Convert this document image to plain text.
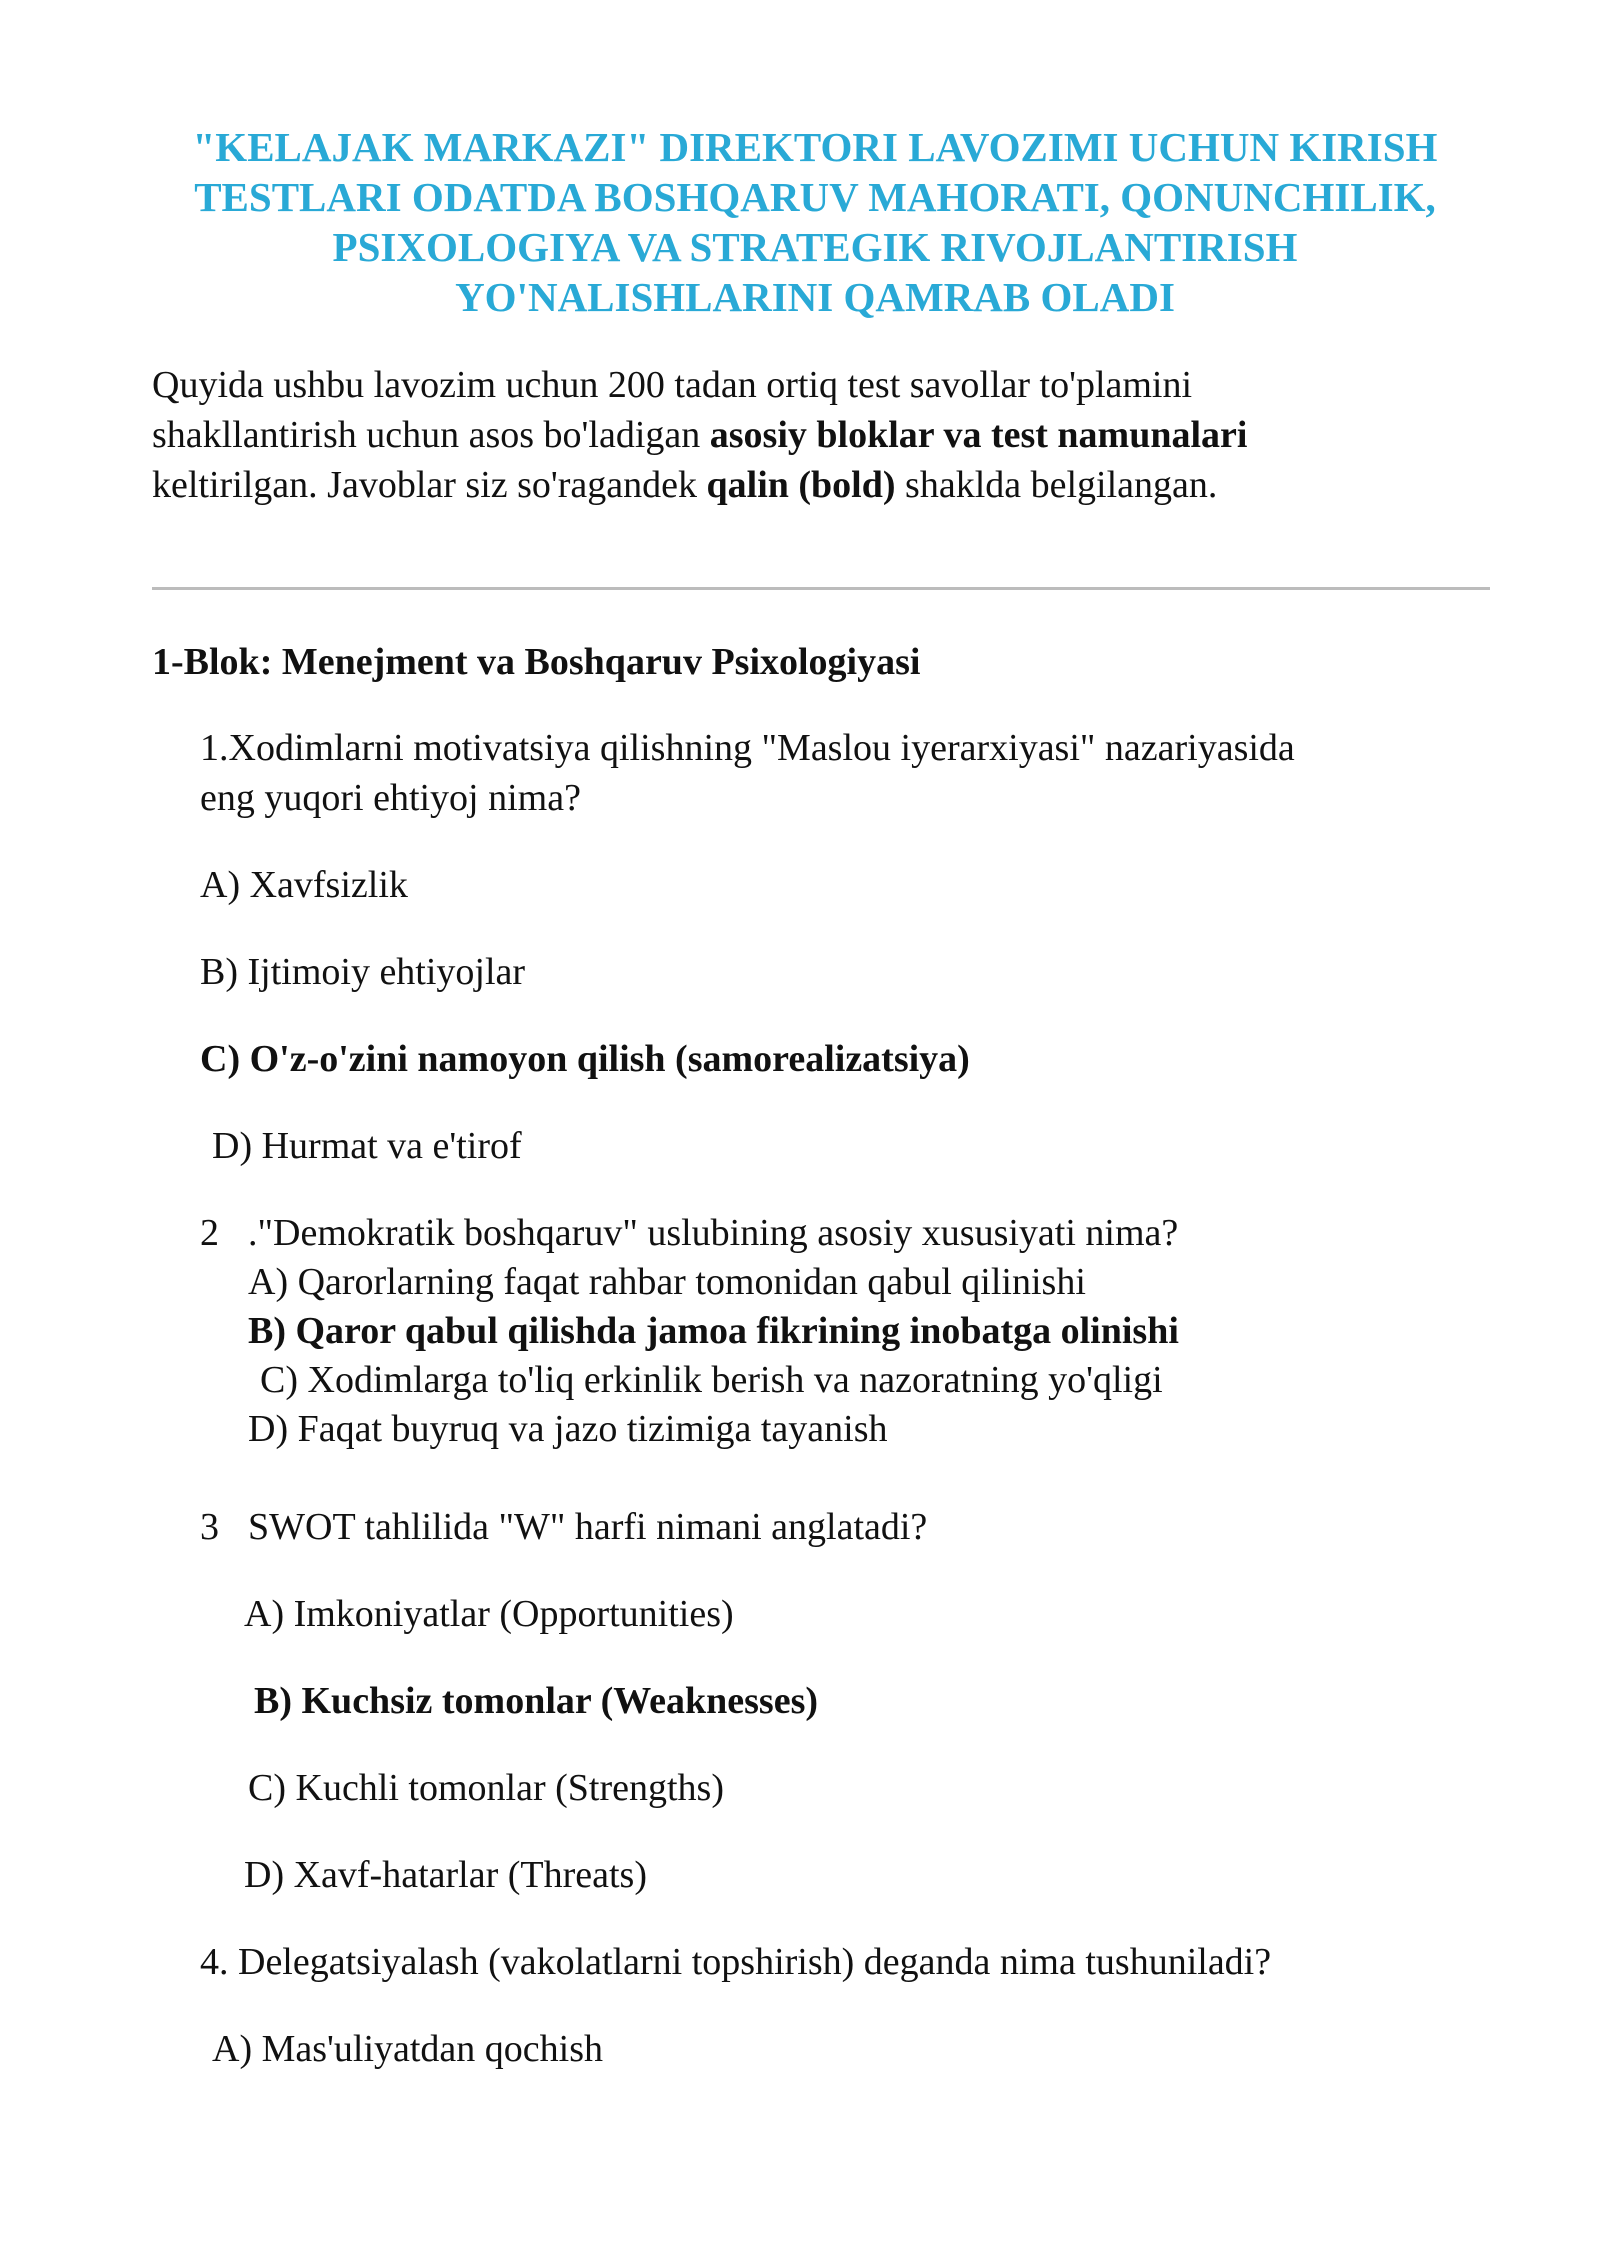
"KELAJAK MARKAZI" DIREKTORI LAVOZIMI UCHUN KIRISH
TESTLARI ODATDA BOSHQARUV MAHORATI, QONUNCHILIK,
PSIXOLOGIYA VA STRATEGIK RIVOJLANTIRISH
YO'NALISHLARINI QAMRAB OLADI
Quyida ushbu lavozim uchun 200 tadan ortiq test savollar to'plamini
shakllantirish uchun asos bo'ladigan asosiy bloklar va test namunalari
keltirilgan. Javoblar siz so'ragandek qalin (bold) shaklda belgilangan.
1-Blok: Menejment va Boshqaruv Psixologiyasi
1.Xodimlarni motivatsiya qilishning "Maslou iyerarxiyasi" nazariyasida
eng yuqori ehtiyoj nima?
A) Xavfsizlik
B) Ijtimoiy ehtiyojlar
C) O'z-o'zini namoyon qilish (samorealizatsiya)
D) Hurmat va e'tirof
2 ."Demokratik boshqaruv" uslubining asosiy xususiyati nima?
A) Qarorlarning faqat rahbar tomonidan qabul qilinishi
B) Qaror qabul qilishda jamoa fikrining inobatga olinishi
C) Xodimlarga to'liq erkinlik berish va nazoratning yo'qligi
D) Faqat buyruq va jazo tizimiga tayanish
3 SWOT tahlilida "W" harfi nimani anglatadi?
A) Imkoniyatlar (Opportunities)
B) Kuchsiz tomonlar (Weaknesses)
C) Kuchli tomonlar (Strengths)
D) Xavf-hatarlar (Threats)
4. Delegatsiyalash (vakolatlarni topshirish) deganda nima tushuniladi?
A) Mas'uliyatdan qochish
